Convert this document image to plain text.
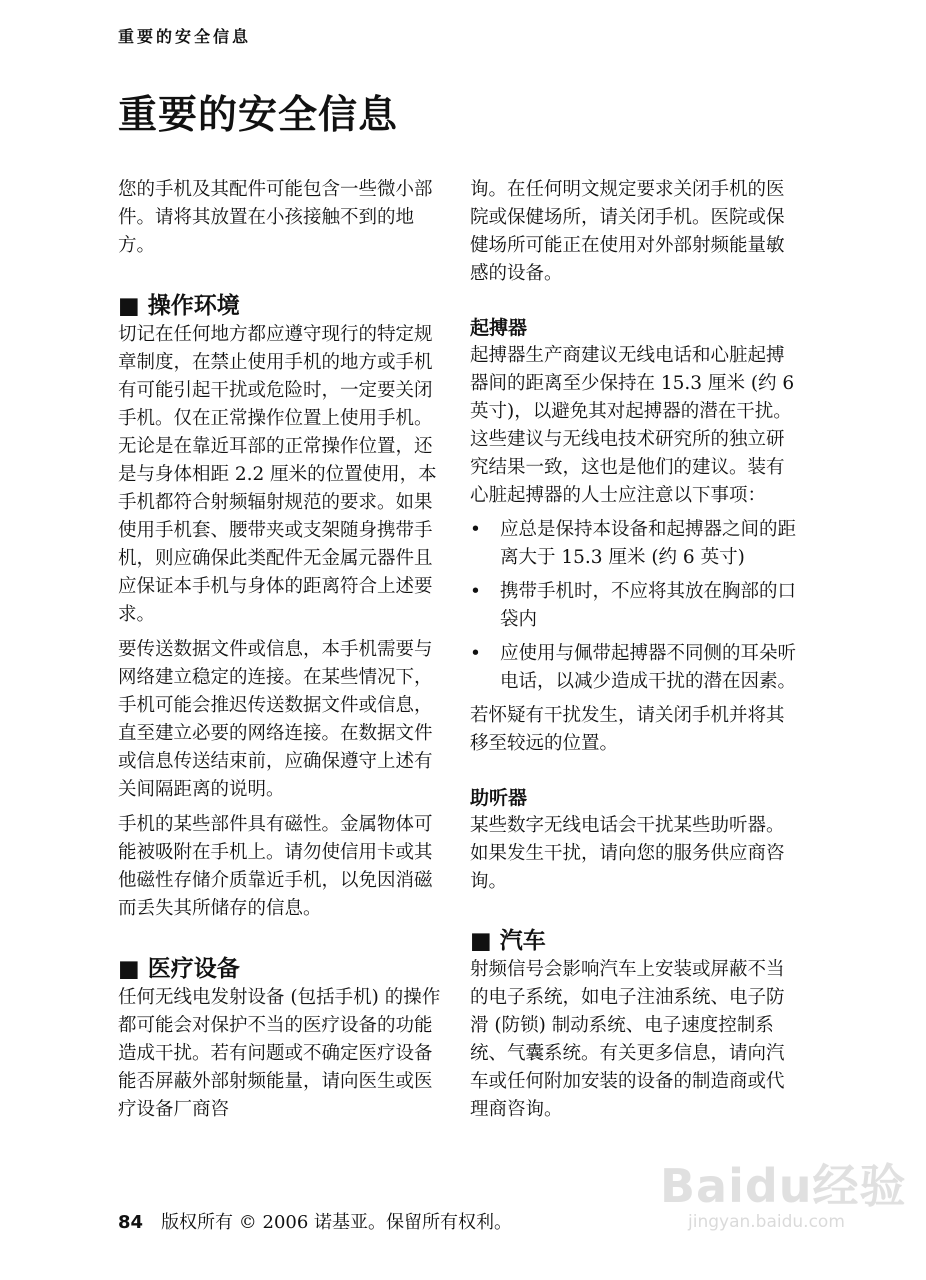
重要的安全信息
重要的安全信息

您的手机及其配件可能包含一些微小部件。请将其放置在小孩接触不到的地方。

■ 操作环境

切记在任何地方都应遵守现行的特定规章制度，在禁止使用手机的地方或手机有可能引起干扰或危险时，一定要关闭手机。仅在正常操作位置上使用手机。无论是在靠近耳部的正常操作位置，还是与身体相距 2.2 厘米的位置使用，本手机都符合射频辐射规范的要求。如果使用手机套、腰带夹或支架随身携带手机，则应确保此类配件无金属元器件且应保证本手机与身体的距离符合上述要求。

要传送数据文件或信息，本手机需要与网络建立稳定的连接。在某些情况下，手机可能会推迟传送数据文件或信息，直至建立必要的网络连接。在数据文件或信息传送结束前，应确保遵守上述有关间隔距离的说明。

手机的某些部件具有磁性。金属物体可能被吸附在手机上。请勿使信用卡或其他磁性存储介质靠近手机，以免因消磁而丢失其所储存的信息。

■ 医疗设备

任何无线电发射设备 (包括手机) 的操作都可能会对保护不当的医疗设备的功能造成干扰。若有问题或不确定医疗设备能否屏蔽外部射频能量，请向医生或医疗设备厂商咨

询。在任何明文规定要求关闭手机的医院或保健场所，请关闭手机。医院或保健场所可能正在使用对外部射频能量敏感的设备。

起搏器

起搏器生产商建议无线电话和心脏起搏器间的距离至少保持在 15.3 厘米 (约 6 英寸)，以避免其对起搏器的潜在干扰。这些建议与无线电技术研究所的独立研究结果一致，这也是他们的建议。装有心脏起搏器的人士应注意以下事项：

• 应总是保持本设备和起搏器之间的距离大于 15.3 厘米 (约 6 英寸)
• 携带手机时，不应将其放在胸部的口袋内
• 应使用与佩带起搏器不同侧的耳朵听电话，以减少造成干扰的潜在因素。

若怀疑有干扰发生，请关闭手机并将其移至较远的位置。

助听器

某些数字无线电话会干扰某些助听器。如果发生干扰，请向您的服务供应商咨询。

■ 汽车

射频信号会影响汽车上安装或屏蔽不当的电子系统，如电子注油系统、电子防滑 (防锁) 制动系统、电子速度控制系统、气囊系统。有关更多信息，请向汽车或任何附加安装的设备的制造商或代理商咨询。

84 版权所有 © 2006 诺基亚。保留所有权利。
Baidu经验
jingyan.baidu.com
